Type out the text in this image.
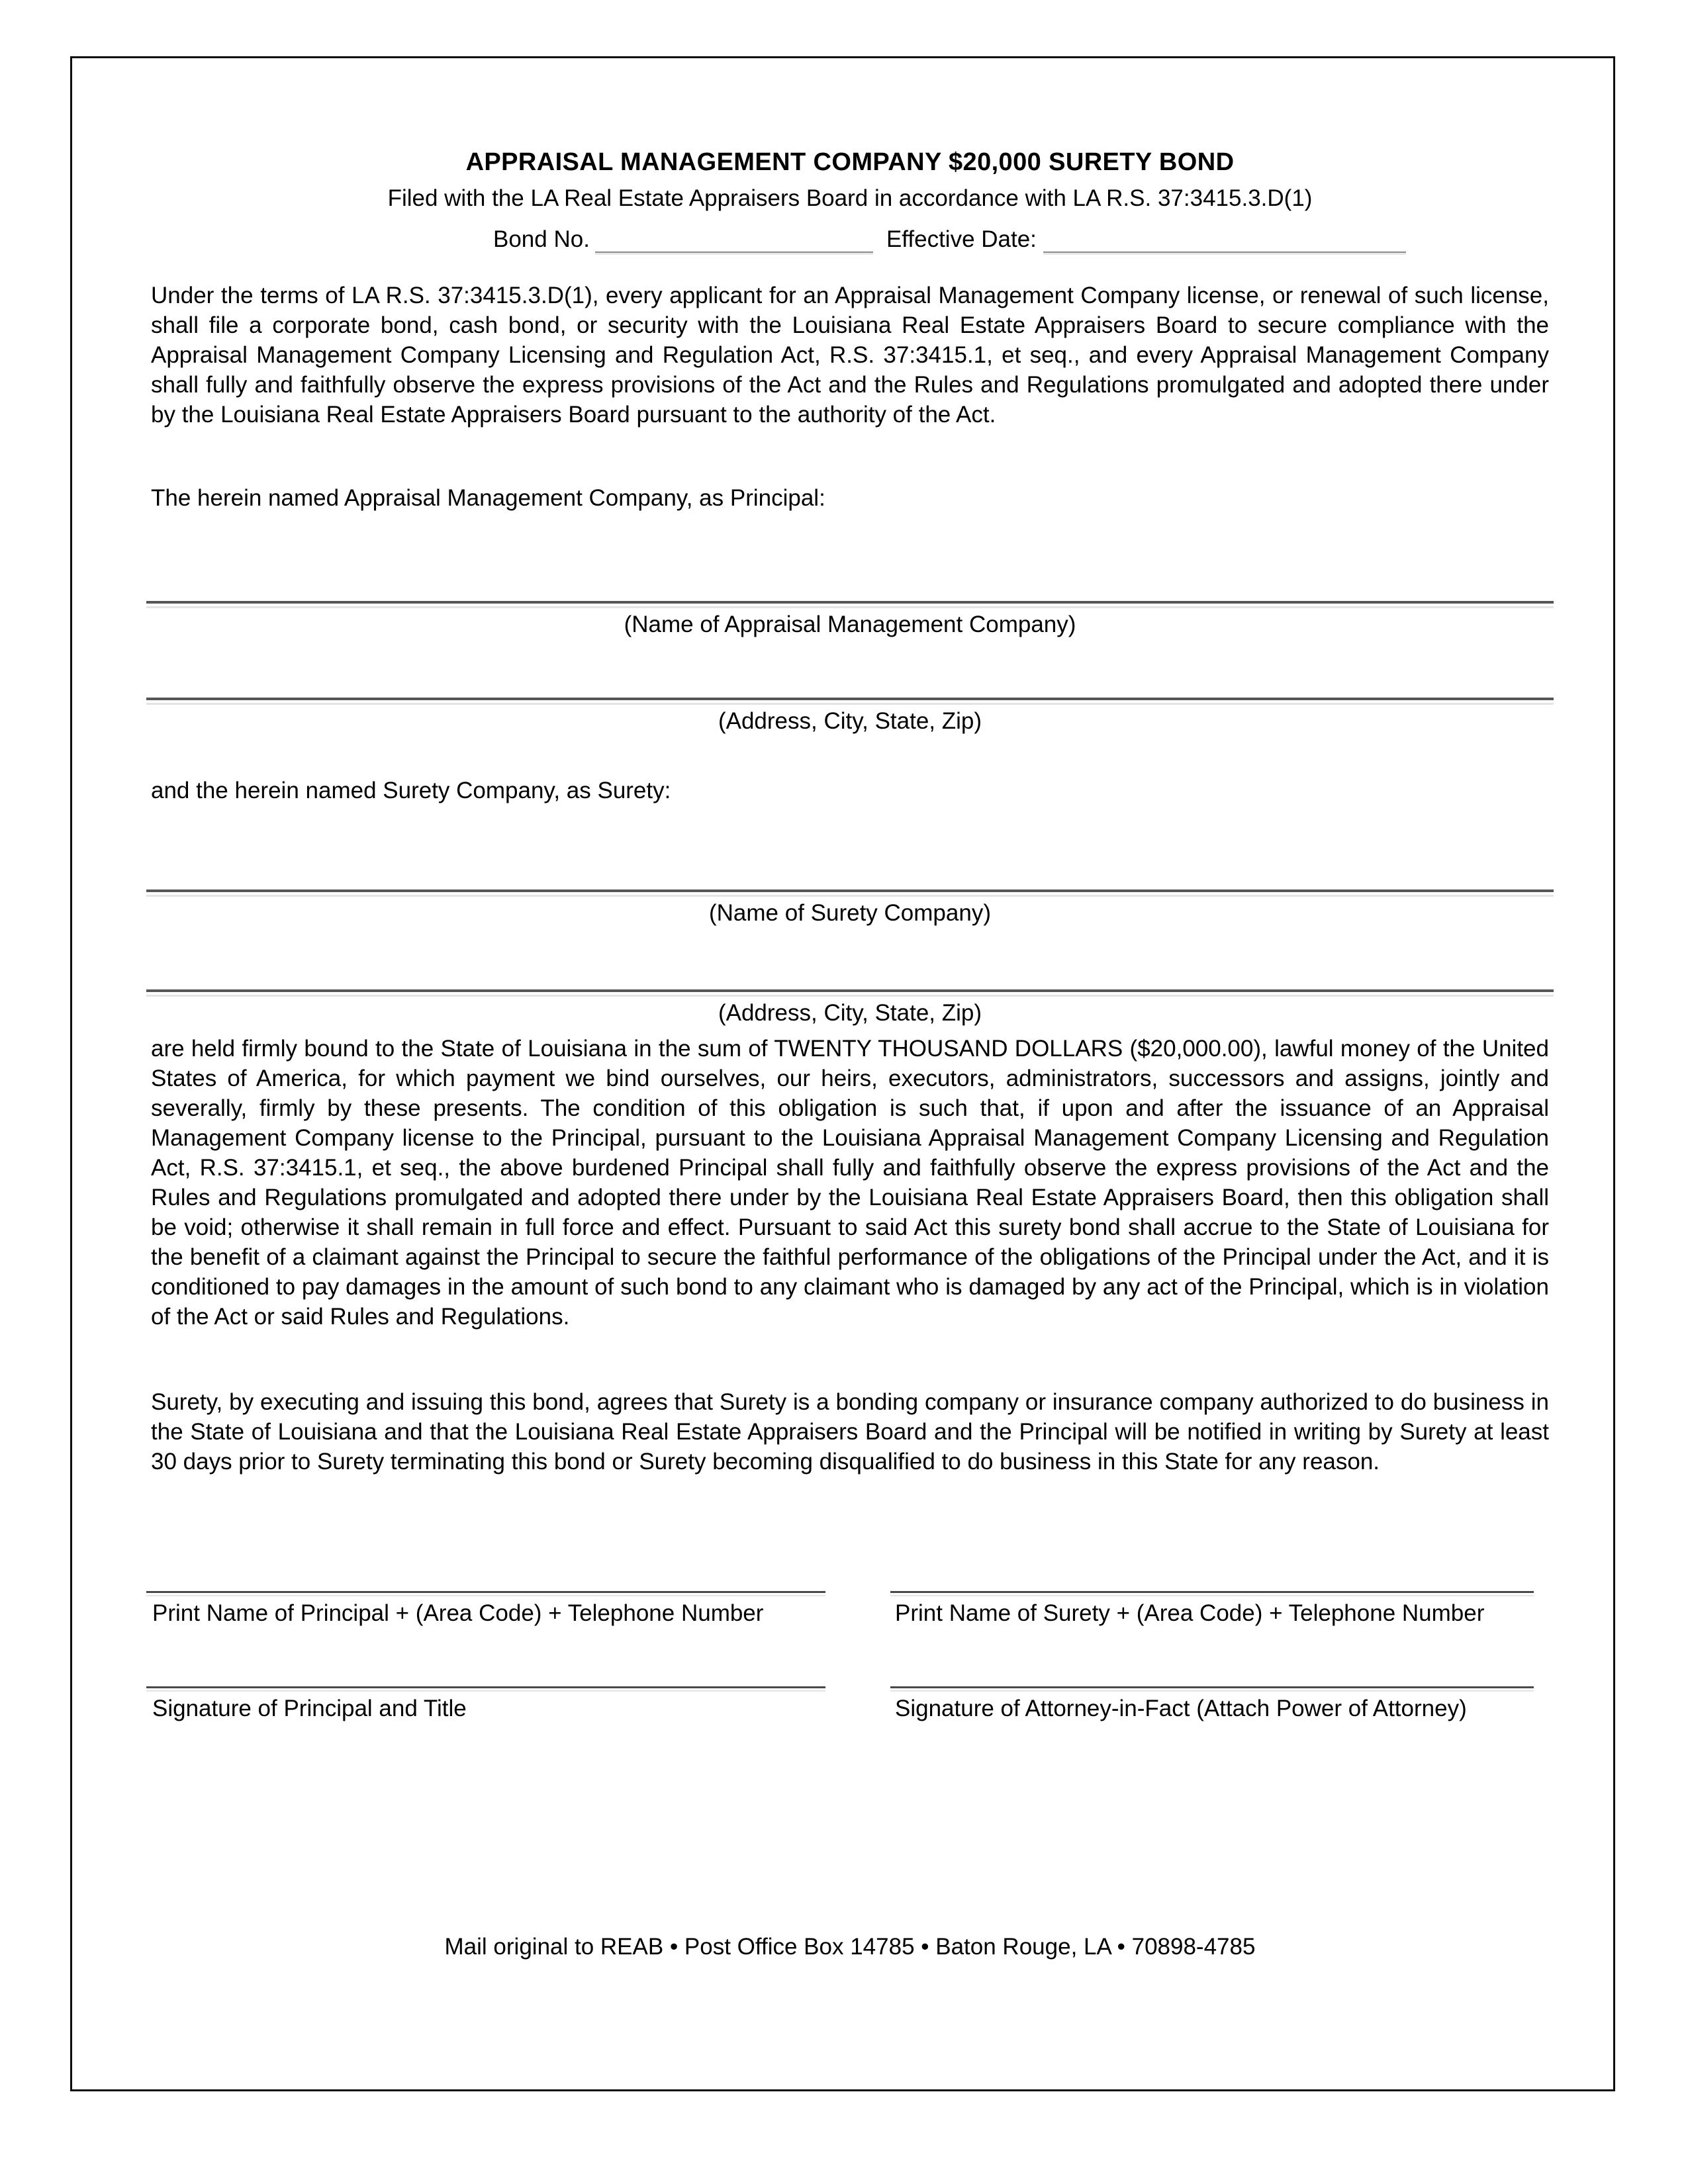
APPRAISAL MANAGEMENT COMPANY $20,000 SURETY BOND
Filed with the LA Real Estate Appraisers Board in accordance with LA R.S. 37:3415.3.D(1)
Bond No.	Effective Date:
Under the terms of LA R.S. 37:3415.3.D(1), every applicant for an Appraisal Management Company license, or renewal of such license, shall file a corporate bond, cash bond, or security with the Louisiana Real Estate Appraisers Board to secure compliance with the Appraisal Management Company Licensing and Regulation Act, R.S. 37:3415.1, et seq., and every Appraisal Management Company shall fully and faithfully observe the express provisions of the Act and the Rules and Regulations promulgated and adopted there under by the Louisiana Real Estate Appraisers Board pursuant to the authority of the Act.
The herein named Appraisal Management Company, as Principal:
(Name of Appraisal Management Company)
(Address, City, State, Zip)
and the herein named Surety Company, as Surety:
(Name of Surety Company)
(Address, City, State, Zip)
are held firmly bound to the State of Louisiana in the sum of TWENTY THOUSAND DOLLARS ($20,000.00), lawful money of the United States of America, for which payment we bind ourselves, our heirs, executors, administrators, successors and assigns, jointly and severally, firmly by these presents. The condition of this obligation is such that, if upon and after the issuance of an Appraisal Management Company license to the Principal, pursuant to the Louisiana Appraisal Management Company Licensing and Regulation Act, R.S. 37:3415.1, et seq., the above burdened Principal shall fully and faithfully observe the express provisions of the Act and the Rules and Regulations promulgated and adopted there under by the Louisiana Real Estate Appraisers Board, then this obligation shall be void; otherwise it shall remain in full force and effect. Pursuant to said Act this surety bond shall accrue to the State of Louisiana for the benefit of a claimant against the Principal to secure the faithful performance of the obligations of the Principal under the Act, and it is conditioned to pay damages in the amount of such bond to any claimant who is damaged by any act of the Principal, which is in violation of the Act or said Rules and Regulations.
Surety, by executing and issuing this bond, agrees that Surety is a bonding company or insurance company authorized to do business in the State of Louisiana and that the Louisiana Real Estate Appraisers Board and the Principal will be notified in writing by Surety at least 30 days prior to Surety terminating this bond or Surety becoming disqualified to do business in this State for any reason.
Print Name of Principal + (Area Code) + Telephone Number	Print Name of Surety + (Area Code) + Telephone Number
Signature of Principal and Title	Signature of Attorney-in-Fact (Attach Power of Attorney)
Mail original to REAB • Post Office Box 14785 • Baton Rouge, LA • 70898-4785
